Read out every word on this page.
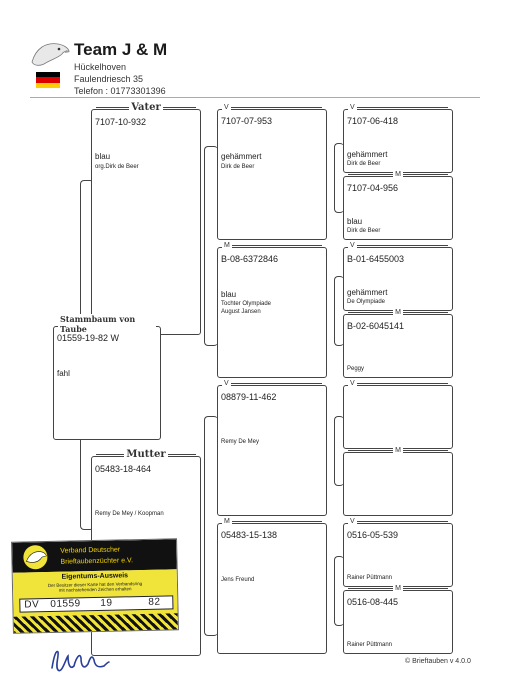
Team J & M
Hückelhoven
Faulendriesch 35
Telefon : 01773301396
Vater
7107-10-932
blau
org.Dirk de Beer
Stammbaum von Taube
01559-19-82 W
fahl
Mutter
05483-18-464
Remy De Mey / Koopman
V
7107-07-953
gehämmert
Dirk de Beer
M
B-08-6372846
blau
Tochter Olympiade
August Jansen
V
08879-11-462
Remy De Mey
M
05483-15-138
Jens Freund
V
7107-06-418
gehämmert
Dirk de Beer
M
7107-04-956
blau
Dirk de Beer
V
B-01-6455003
gehämmert
De Olympiade
M
B-02-6045141
Peggy
V
M
V
0516-05-539
Rainer Püttmann
M
0516-08-445
Rainer Püttmann
Verband Deutscher
Brieftaubenzüchter e.V.
Eigentums-Ausweis
Der Besitzer dieser Karte hat den Verbandsring
mit nachstehenden Zeichen erhalten
DV 01559 19	82
© Brieftauben v 4.0.0
